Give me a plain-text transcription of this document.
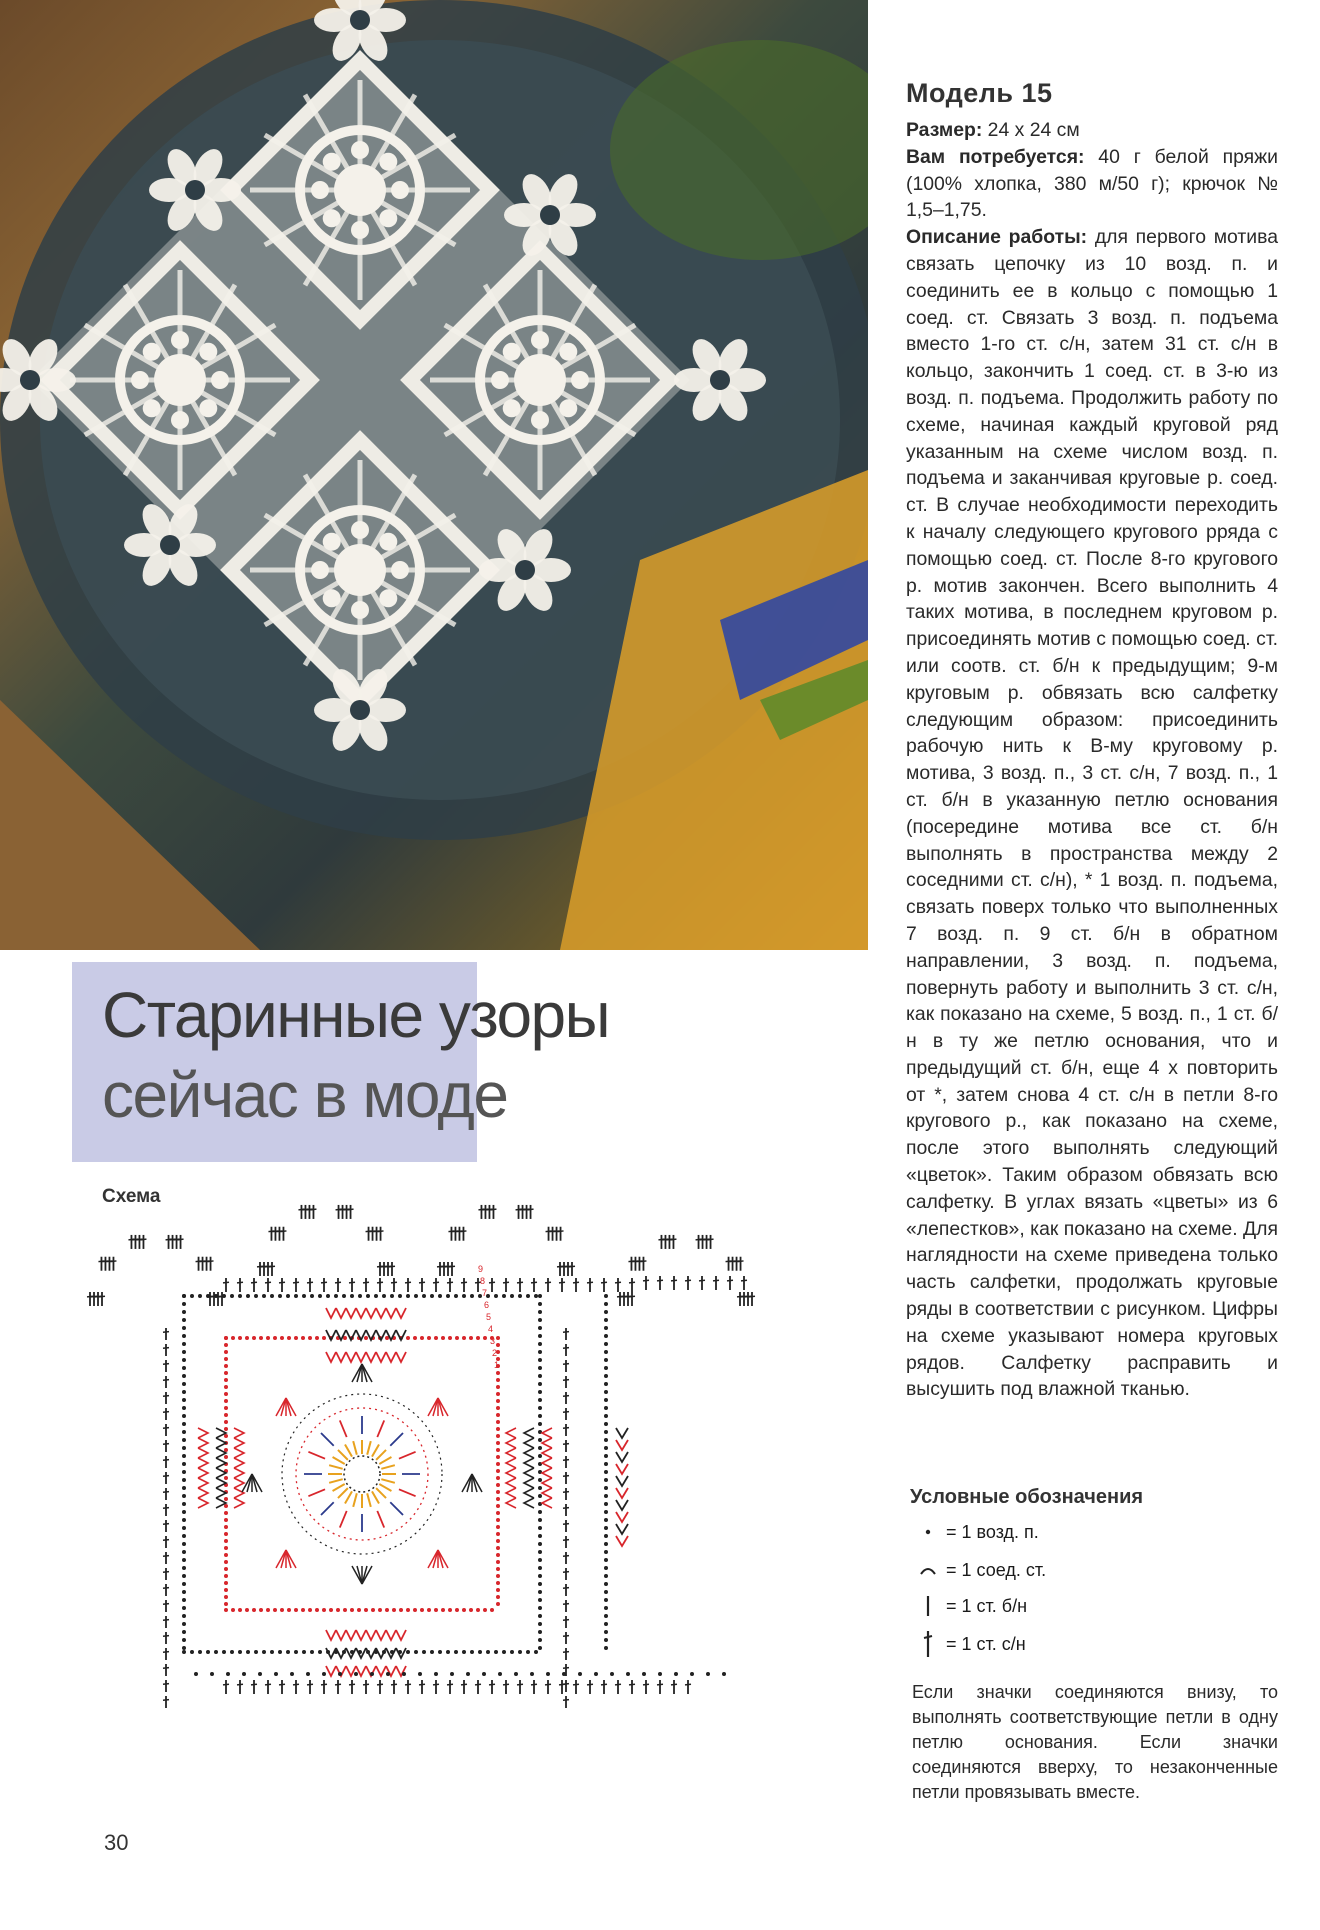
Старинные узоры
сейчас в моде
Схема
9
8
7
6
5
4
3
2
1
30
Модель 15

Размер: 24 х 24 см

Вам потребуется: 40 г белой пряжи (100% хлопка, 380 м/50 г); крючок № 1,5–1,75.

Описание работы: для первого мотива связать цепочку из 10 возд. п. и соединить ее в кольцо с помощью 1 соед. ст. Связать 3 возд. п. подъема вместо 1-го ст. с/н, затем 31 ст. с/н в кольцо, закончить 1 соед. ст. в 3-ю из возд. п. подъема. Продолжить работу по схеме, начиная каждый круговой ряд указанным на схеме числом возд. п. подъема и заканчивая круговые р. соед. ст. В случае необходимости переходить к началу следующего кругового рряда с помощью соед. ст. После 8-го кругового р. мотив закончен. Всего выполнить 4 таких мотива, в последнем круговом р. присоединять мотив с помощью соед. ст. или соотв. ст. б/н к предыдущим; 9-м круговым р. обвязать всю салфетку следующим образом: присоединить рабочую нить к В-му круговому р. мотива, 3 возд. п., 3 ст. с/н, 7 возд. п., 1 ст. б/н в указанную петлю основания (посередине мотива все ст. б/н выполнять в пространства между 2 соседними ст. с/н), * 1 возд. п. подъема, связать поверх только что выполненных 7 возд. п. 9 ст. б/н в обратном направлении, 3 возд. п. подъема, повернуть работу и выполнить 3 ст. с/н, как показано на схеме, 5 возд. п., 1 ст. б/н в ту же петлю основания, что и предыдущий ст. б/н, еще 4 х повторить от *, затем снова 4 ст. с/н в петли 8-го кругового р., как показано на схеме, после этого выполнять следующий «цветок». Таким образом обвязать всю салфетку. В углах вязать «цветы» из 6 «лепестков», как показано на схеме. Для наглядности на схеме приведена только часть салфетки, продолжать круговые ряды в соответствии с рисунком. Цифры на схеме указывают номера круговых рядов. Салфетку расправить и высушить под влажной тканью.

Условные обозначения
= 1 возд. п.
= 1 соед. ст.
= 1 ст. б/н
= 1 ст. с/н
Если значки соединяются внизу, то выполнять соответствующие петли в одну петлю основания. Если значки соединяются вверху, то незаконченные петли провязывать вместе.
